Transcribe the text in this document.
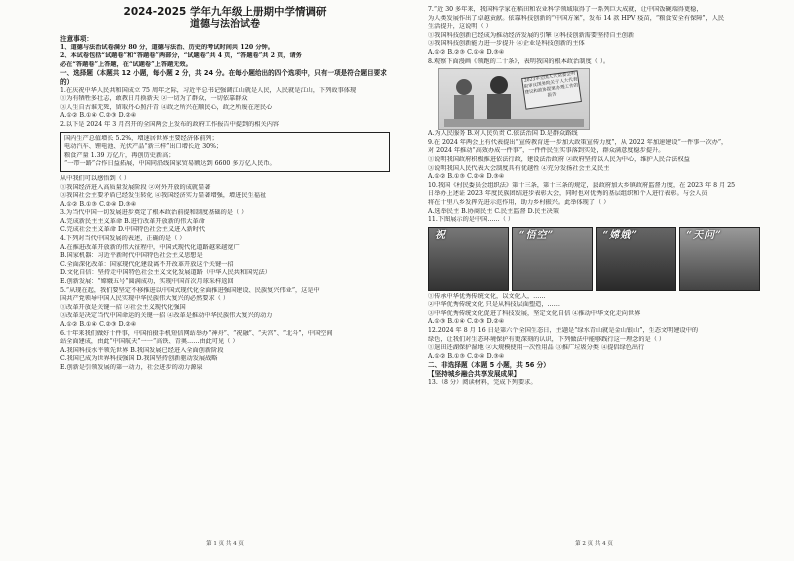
2024-2025 学年九年级上册期中学情调研
道德与法治试卷
注意事项：
1、道德与法治试卷满分 80 分，道德与法治、历史的考试时间共 120 分钟。
2、本试卷包括“试题卷”和“答题卷”两部分，“试题卷”共 4 页，“答题卷”共 2 页，请务
必在“答题卷”上答题，在“试题卷”上答题无效。
一、选择题（本题共 12 小题，每小题 2 分，共 24 分。在每小题给出的四个选项中，只有一项是符合题目要求的）
1.在庆祝中华人民共和国成立 75 周年之际，习近平总书记强调江山就是人民，人民就是江山，下列故事体现
①为有牺牲多壮志，敢教日月换新天 ②一切为了群众，一切依靠群众
③人生自古谁无死，留取丹心照汗青 ④政之所兴在顺民心，政之所废在逆民心
A.①② B.①④ C.②③ D.②④
2.以下是 2024 年 3 月召开的全国两会上发布的政府工作报告中提到的相关内容
国内生产总值增长 5.2%，增速居世界主要经济体前列；
电动汽车、锂电池、光伏产品“新三样”出口增长近 30%；
粮食产量 1.39 万亿斤，再创历史新高；
“一带一路”合作日益拓展，中国同沿线国家贸易额达到 6600 多万亿人民币。
从中我们可以感悟到（ ）
①我国经济进入高质量发展阶段 ②对外开放的成就显著
③我国社会主要矛盾已经发生转化 ④我国经济实力显著增强，增进民生福祉
A.①② B.①③ C.②④ D.③④
3.为当代中国一切发展进步奠定了根本政治前提和制度基础的是（ ）
A.完成新民主主义革命 B.进行改革开放新的伟大革命
C.完成社会主义革命 D.中国特色社会主义进入新时代
4.下列对当代中国发展的表述，正确的是（ ）
A.在推进改革开放新的伟大征程中，中国式现代化道路越来越宽广
B.国家机器：习近平新时代中国特色社会主义思想是
C.全面深化改革：国家现代化建设离不开改革开放这个关键一招
D.文化自信：坚持走中国特色社会主义文化发展道路（中华人民共和国宪法）
E.创新发展：“嫦娥五号”圆满成功，实现中国首次月球采样返回
5.“从现在起，我们要坚定不移推进以中国式现代化全面推进强国建设、民族复兴伟业”，这是中
国共产党领导中国人民实现中华民族伟大复兴的必然要求（ ）
①改革开放是关键一招 ②社会主义现代化强国
③改革是决定当代中国命运的关键一招 ④改革是推动中华民族伟大复兴的动力
A.①② B.①④ C.②③ D.②④
6.十年来我们做好十件事，中国拍摄手机短信网站举办“神舟”、“祝融”、“天宫”、“北斗”，中国空间
站全面建成，由此“中国航天”一一“高铁、青奥……由此可见（ ）
A.我国科技水平领先世界 B.我国发展已经进入全面创新阶段
C.我国已成为世界科技强国 D.我国坚持创新驱动发展战略
E.创新是引领发展的第一动力，社会进步的动力源泉
第 1 页 共 4 页
7.“近 30 多年来，我国科学家在稻田和农业科学领域取得了一系列巨大成就，让中国饭碗端得更稳，
为人类发展作出了卓越贡献。依靠科技创新的“中国方案”，发布 14 款 HPV 疫苗，“粮食安全有保障”，人民
生活提升，这说明（ ）
①我国科技创新已经成为推动经济发展的引擎 ②科技创新需要坚持自主创新
③我国科技创新能力进一步提升 ④企业是科技创新的主体
A.①② B.②③ C.①④ D.③④
8.观察下面漫画《领跑的二十条》，表明我国的根本政治制度（ ）。
2023年全国人大常委会听取审议国务院关于人大代表建议和政协提案办理工作的报告
A.为人民服务 B.对人民负责 C.依法治国 D.是群众路线
9.在 2024 年两会上有代表提出“宣传教育进一步加大政策宣传力度”，从 2022 年加速建设“一件事一次办”，
对 2024 年推动“高效办成一件事”，一件件民生实事落到实处，群众满意度稳步提升。
①说明我国政府积极推进依法行政，建设法治政府 ②政府坚持以人民为中心，维护人民合法权益
③说明我国人民代表大会制度具有优越性 ④充分发扬社会主义民主
A.①② B.①③ C.②④ D.③④
10.我国《村民委员会组织法》第十三条，第十三条的规定，县政府加大乡镇政府监督力度，在 2023 年 8 月 25
日举办上述证 2023 年度民族团结进步表彰大会，同时也对优秀的基层组织和个人进行表彰。与会人员
将在十里八乡发挥先进示范作用，助力乡村振兴。此举体现了（ ）
A.选举民主 B.协商民主 C.民主监督 D.民主决策
11.下图展示的是中国……（ ）
祝	“悟空”	“嫦娥”	“天问”
①传承中华优秀传统文化，以文化人，……
②中华优秀传统文化 只是从科技层面塑造，……
③中华优秀传统文化促进了科技发展，坚定文化自信 ④推动中华文化走向世界
A.①③ B.①④ C.②③ D.②④
12.2024 年 8 月 16 日是第六个全国生态日，主题是“绿水青山就是金山银山”，生态文明建设中的
绿色，让我们对生态环境保护有更深刻的认识，下列做法中能够践行这一理念的是（ ）
①退田还湖保护湿地 ②大规模使用一次性用品 ③推广垃圾分类 ④提倡绿色出行
A.①② B.①③ C.②④ D.③④
二、非选择题（本题 5 小题，共 56 分）
【坚持城乡融合共享发展成果】
13.（8 分）阅读材料，完成下列要求。
第 2 页 共 4 页
